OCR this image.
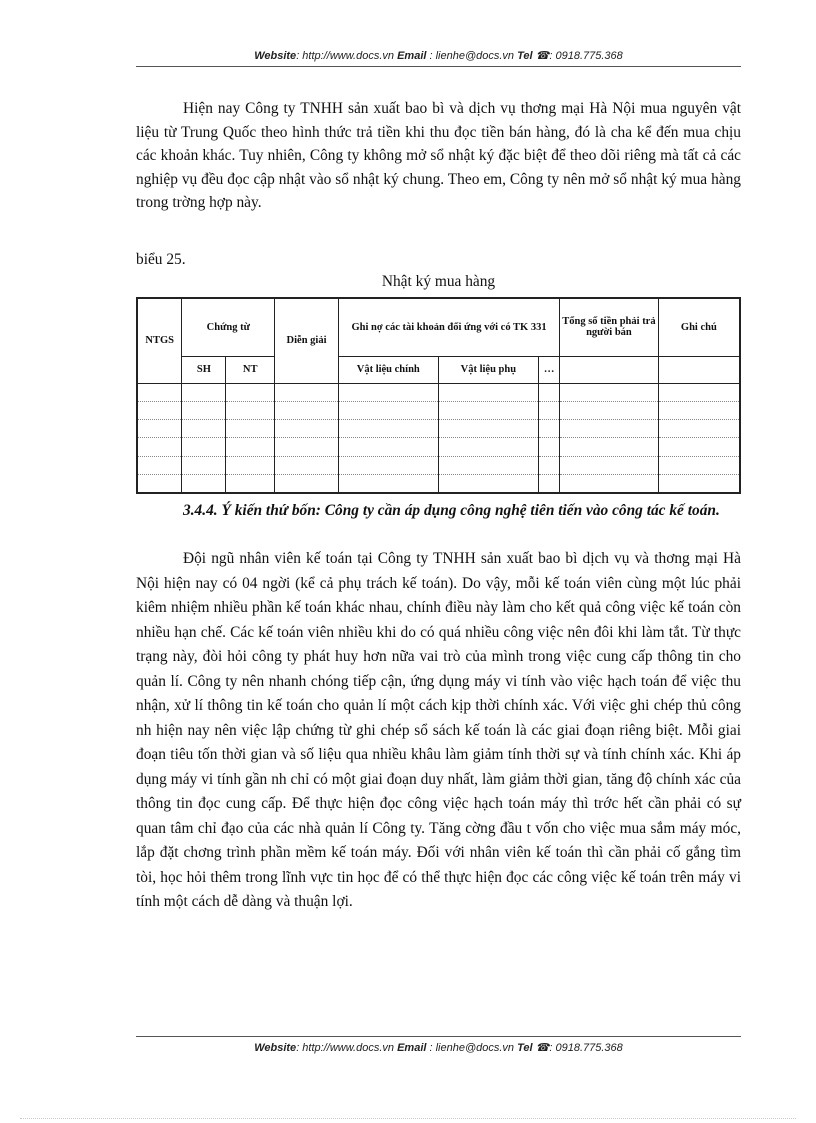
Website: http://www.docs.vn Email : lienhe@docs.vn Tel ☎: 0918.775.368
Hiện nay Công ty TNHH sản xuất bao bì và dịch vụ thơng mại Hà Nội mua nguyên vật liệu từ Trung Quốc theo hình thức trả tiền khi thu đọc tiền bán hàng, đó là cha kể đến mua chịu các khoản khác. Tuy nhiên, Công ty không mở sổ nhật ký đặc biệt để theo dõi riêng mà tất cả các nghiệp vụ đều đọc cập nhật vào sổ nhật ký chung. Theo em, Công ty nên mở sổ nhật ký mua hàng trong trờng hợp này.
biểu 25.
Nhật ký mua hàng
NTGS	Chứng từ		Diễn giải	Ghi nợ các tài khoản đối ứng với có TK 331			Tổng số tiền phải trả người bán	Ghi chú
	SH	NT		Vật liệu chính	Vật liệu phụ	…		

3.4.4. Ý kiến thứ bốn: Công ty cần áp dụng công nghệ tiên tiến vào công tác kế toán.
Đội ngũ nhân viên kế toán tại Công ty TNHH sản xuất bao bì dịch vụ và thơng mại Hà Nội hiện nay có 04 ngời (kể cả phụ trách kế toán). Do vậy, mỗi kế toán viên cùng một lúc phải kiêm nhiệm nhiều phần kế toán khác nhau, chính điều này làm cho kết quả công việc kế toán còn nhiều hạn chế. Các kế toán viên nhiều khi do có quá nhiều công việc nên đôi khi làm tắt. Từ thực trạng này, đòi hỏi công ty phát huy hơn nữa vai trò của mình trong việc cung cấp thông tin cho quản lí. Công ty nên nhanh chóng tiếp cận, ứng dụng máy vi tính vào việc hạch toán để việc thu nhận, xử lí thông tin kế toán cho quản lí một cách kịp thời chính xác. Với việc ghi chép thủ công nh hiện nay nên việc lập chứng từ ghi chép sổ sách kế toán là các giai đoạn riêng biệt. Mỗi giai đoạn tiêu tốn thời gian và số liệu qua nhiều khâu làm giảm tính thời sự và tính chính xác. Khi áp dụng máy vi tính gần nh chỉ có một giai đoạn duy nhất, làm giảm thời gian, tăng độ chính xác của thông tin đọc cung cấp. Để thực hiện đọc công việc hạch toán máy thì trớc hết cần phải có sự quan tâm chỉ đạo của các nhà quản lí Công ty. Tăng cờng đầu t vốn cho việc mua sắm máy móc, lắp đặt chơng trình phần mềm kế toán máy. Đối với nhân viên kế toán thì cần phải cố gắng tìm tòi, học hỏi thêm trong lĩnh vực tin học để có thể thực hiện đọc các công việc kế toán trên máy vi tính một cách dễ dàng và thuận lợi.
Website: http://www.docs.vn Email : lienhe@docs.vn Tel ☎: 0918.775.368
